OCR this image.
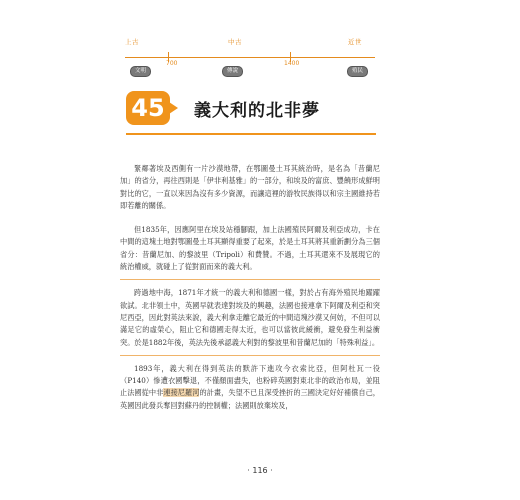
上古	中古	近世
700	1400
文明	傳說	殖民
45	義大利的北非夢

緊鄰著埃及西側有一片沙漠地帶，在鄂圖曼土耳其統治時，是名為「昔蘭尼加」的省分，再往西則是「伊非利基雅」的一部分，和埃及的富庶、豐饒形成鮮明對比的它，一直以來因為沒有多少資源，而讓這裡的游牧民族得以和宗主國維持若即若離的關係。

但1835年，因應阿里在埃及站穩腳跟，加上法國殖民阿爾及利亞成功，卡在中間的這塊土地對鄂圖曼土耳其顯得重要了起來，於是土耳其將其重新劃分為三個省分：昔蘭尼加、的黎波里（Tripoli）和費贊。不過，土耳其還來不及展現它的統治權威，就碰上了從對面而來的義大利。

跨過地中海，1871年才統一的義大利和德國一樣，對於占有海外殖民地躍躍欲試。北非領土中，英國早就表達對埃及的興趣，法國也接連拿下阿爾及利亞和突尼西亞，因此對英法來說，義大利拿走離它最近的中間這塊沙漠又何妨，不但可以滿足它的虛榮心，阻止它和德國走得太近，也可以當彼此緩衝，避免發生利益衝突。於是1882年後，英法先後承認義大利對的黎波里和昔蘭尼加的「特殊利益」。

1893年，義大利在得到英法的默許下進攻今衣索比亞，但阿杜瓦一役（P140）慘遭衣國擊退，不僅顏面盡失，也粉碎英國對東北非的政治布局，並阻止法國從中非連接尼羅河的計畫，失望不已且深受挫折的三國決定好好補償自己，英國因此發兵奪回對蘇丹的控制權；法國則放棄埃及，

· 116 ·
